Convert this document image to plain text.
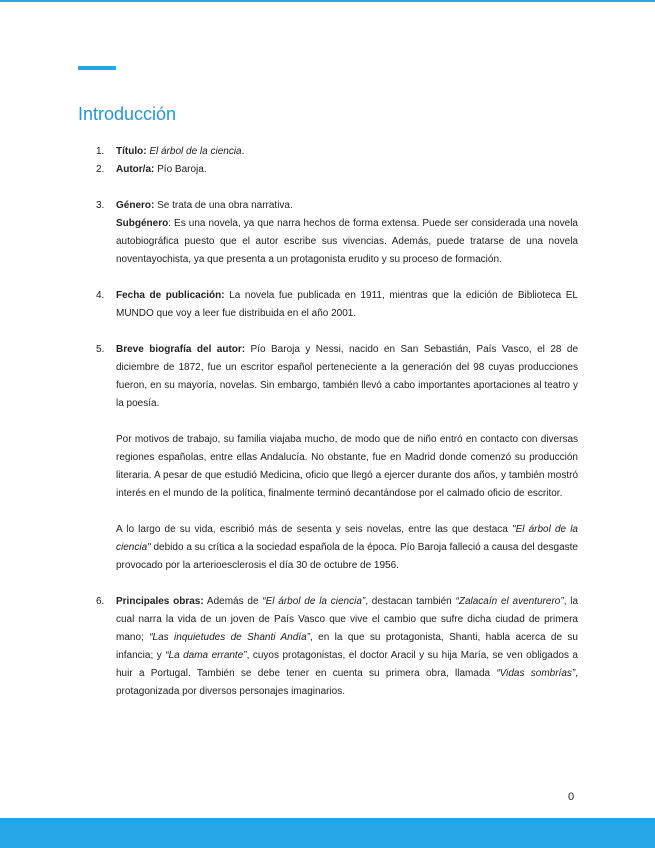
Introducción
1. Título: El árbol de la ciencia.

2. Autor/a: Pío Baroja.

3. Género: Se trata de una obra narrativa.

Subgénero: Es una novela, ya que narra hechos de forma extensa. Puede ser considerada una novela autobiográfica puesto que el autor escribe sus vivencias. Además, puede tratarse de una novela noventayochista, ya que presenta a un protagonista erudito y su proceso de formación.

4. Fecha de publicación: La novela fue publicada en 1911, mientras que la edición de Biblioteca EL MUNDO que voy a leer fue distribuida en el año 2001.

5. Breve biografía del autor: Pío Baroja y Nessi, nacido en San Sebastián, País Vasco, el 28 de diciembre de 1872, fue un escritor español perteneciente a la generación del 98 cuyas producciones fueron, en su mayoría, novelas. Sin embargo, también llevó a cabo importantes aportaciones al teatro y la poesía.

Por motivos de trabajo, su familia viajaba mucho, de modo que de niño entró en contacto con diversas regiones españolas, entre ellas Andalucía. No obstante, fue en Madrid donde comenzó su producción literaria. A pesar de que estudió Medicina, oficio que llegó a ejercer durante dos años, y también mostró interés en el mundo de la política, finalmente terminó decantándose por el calmado oficio de escritor.

A lo largo de su vida, escribió más de sesenta y seis novelas, entre las que destaca "El árbol de la ciencia" debido a su crítica a la sociedad española de la época. Pío Baroja falleció a causa del desgaste provocado por la arterioesclerosis el día 30 de octubre de 1956.

6. Principales obras: Además de “El árbol de la ciencia”, destacan también “Zalacaín el aventurero”, la cual narra la vida de un joven de País Vasco que vive el cambio que sufre dicha ciudad de primera mano; “Las inquietudes de Shanti Andía”, en la que su protagonista, Shanti, habla acerca de su infancia; y “La dama errante”, cuyos protagonistas, el doctor Aracil y su hija María, se ven obligados a huir a Portugal. También se debe tener en cuenta su primera obra, llamada “Vidas sombrías”, protagonizada por diversos personajes imaginarios.

0
